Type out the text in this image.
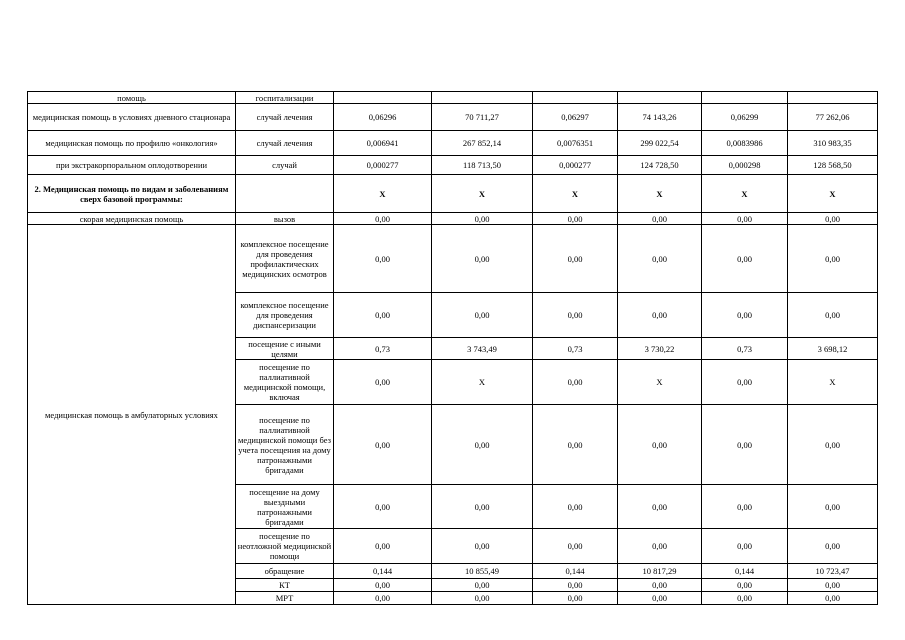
помощь	госпитализации						
медицинская помощь в условиях дневного стационара	случай лечения	0,06296	70 711,27	0,06297	74 143,26	0,06299	77 262,06
медицинская помощь по профилю «онкология»	случай лечения	0,006941	267 852,14	0,0076351	299 022,54	0,0083986	310 983,35
при экстракорпоральном оплодотворении	случай	0,000277	118 713,50	0,000277	124 728,50	0,000298	128 568,50
2. Медицинская помощь по видам и заболеваниям сверх базовой программы:		X	X	X	X	X	X
скорая медицинская помощь	вызов	0,00	0,00	0,00	0,00	0,00	0,00
медицинская помощь в амбулаторных условиях	комплексное посещение для проведения профилактических медицинских осмотров	0,00	0,00	0,00	0,00	0,00	0,00
	комплексное посещение для проведения диспансеризации	0,00	0,00	0,00	0,00	0,00	0,00
	посещение с иными целями	0,73	3 743,49	0,73	3 730,22	0,73	3 698,12
	посещение по паллиативной медицинской помощи, включая	0,00	X	0,00	X	0,00	X
	посещение по паллиативной медицинской помощи без учета посещения на дому патронажными бригадами	0,00	0,00	0,00	0,00	0,00	0,00
	посещение на дому выездными патронажными бригадами	0,00	0,00	0,00	0,00	0,00	0,00
	посещение по неотложной медицинской помощи	0,00	0,00	0,00	0,00	0,00	0,00
	обращение	0,144	10 855,49	0,144	10 817,29	0,144	10 723,47
	КТ	0,00	0,00	0,00	0,00	0,00	0,00
	МРТ	0,00	0,00	0,00	0,00	0,00	0,00
